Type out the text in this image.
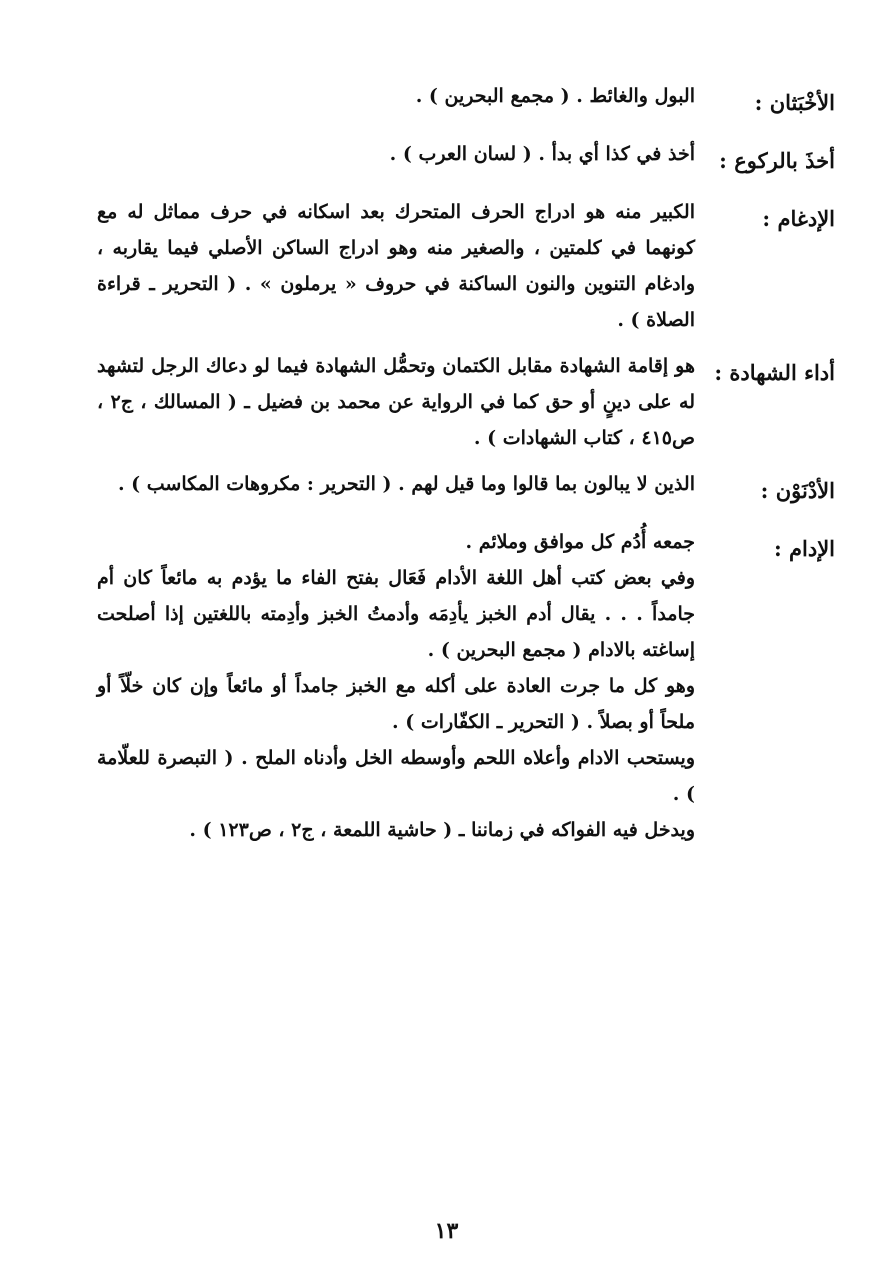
الأخْبَثان :

البول والغائط . ( مجمع البحرين ) .

أخذَ بالركوع :

أخذ في كذا أي بدأ . ( لسان العرب ) .

الإدغام :

الكبير منه هو ادراج الحرف المتحرك بعد اسكانه في حرف مماثل له مع كونهما في كلمتين ، والصغير منه وهو ادراج الساكن الأصلي فيما يقاربه ، وادغام التنوين والنون الساكنة في حروف « يرملون » . ( التحرير ـ قراءة الصلاة ) .

أداء الشهادة :

هو إقامة الشهادة مقابل الكتمان وتحمُّل الشهادة فيما لو دعاك الرجل لتشهد له على دينٍ أو حق كما في الرواية عن محمد بن فضيل ـ ( المسالك ، ج٢ ، ص٤١٥ ، كتاب الشهادات ) .

الأدْنَوْن :

الذين لا يبالون بما قالوا وما قيل لهم . ( التحرير : مكروهات المكاسب ) .

الإدام :

جمعه أُدُم كل موافق وملائم .

وفي بعض كتب أهل اللغة الأدام فَعَال بفتح الفاء ما يؤدم به مائعاً كان أم جامداً . . . يقال أدم الخبز يأدِمَه وأدمتُ الخبز وأدِمته باللغتين إذا أصلحت إساغته بالادام ( مجمع البحرين ) .

وهو كل ما جرت العادة على أكله مع الخبز جامداً أو مائعاً وإن كان خلّاً أو ملحاً أو بصلاً . ( التحرير ـ الكفّارات ) .

ويستحب الادام وأعلاه اللحم وأوسطه الخل وأدناه الملح . ( التبصرة للعلّامة ) .

ويدخل فيه الفواكه في زماننا ـ ( حاشية اللمعة ، ج٢ ، ص١٢٣ ) .

١٣
